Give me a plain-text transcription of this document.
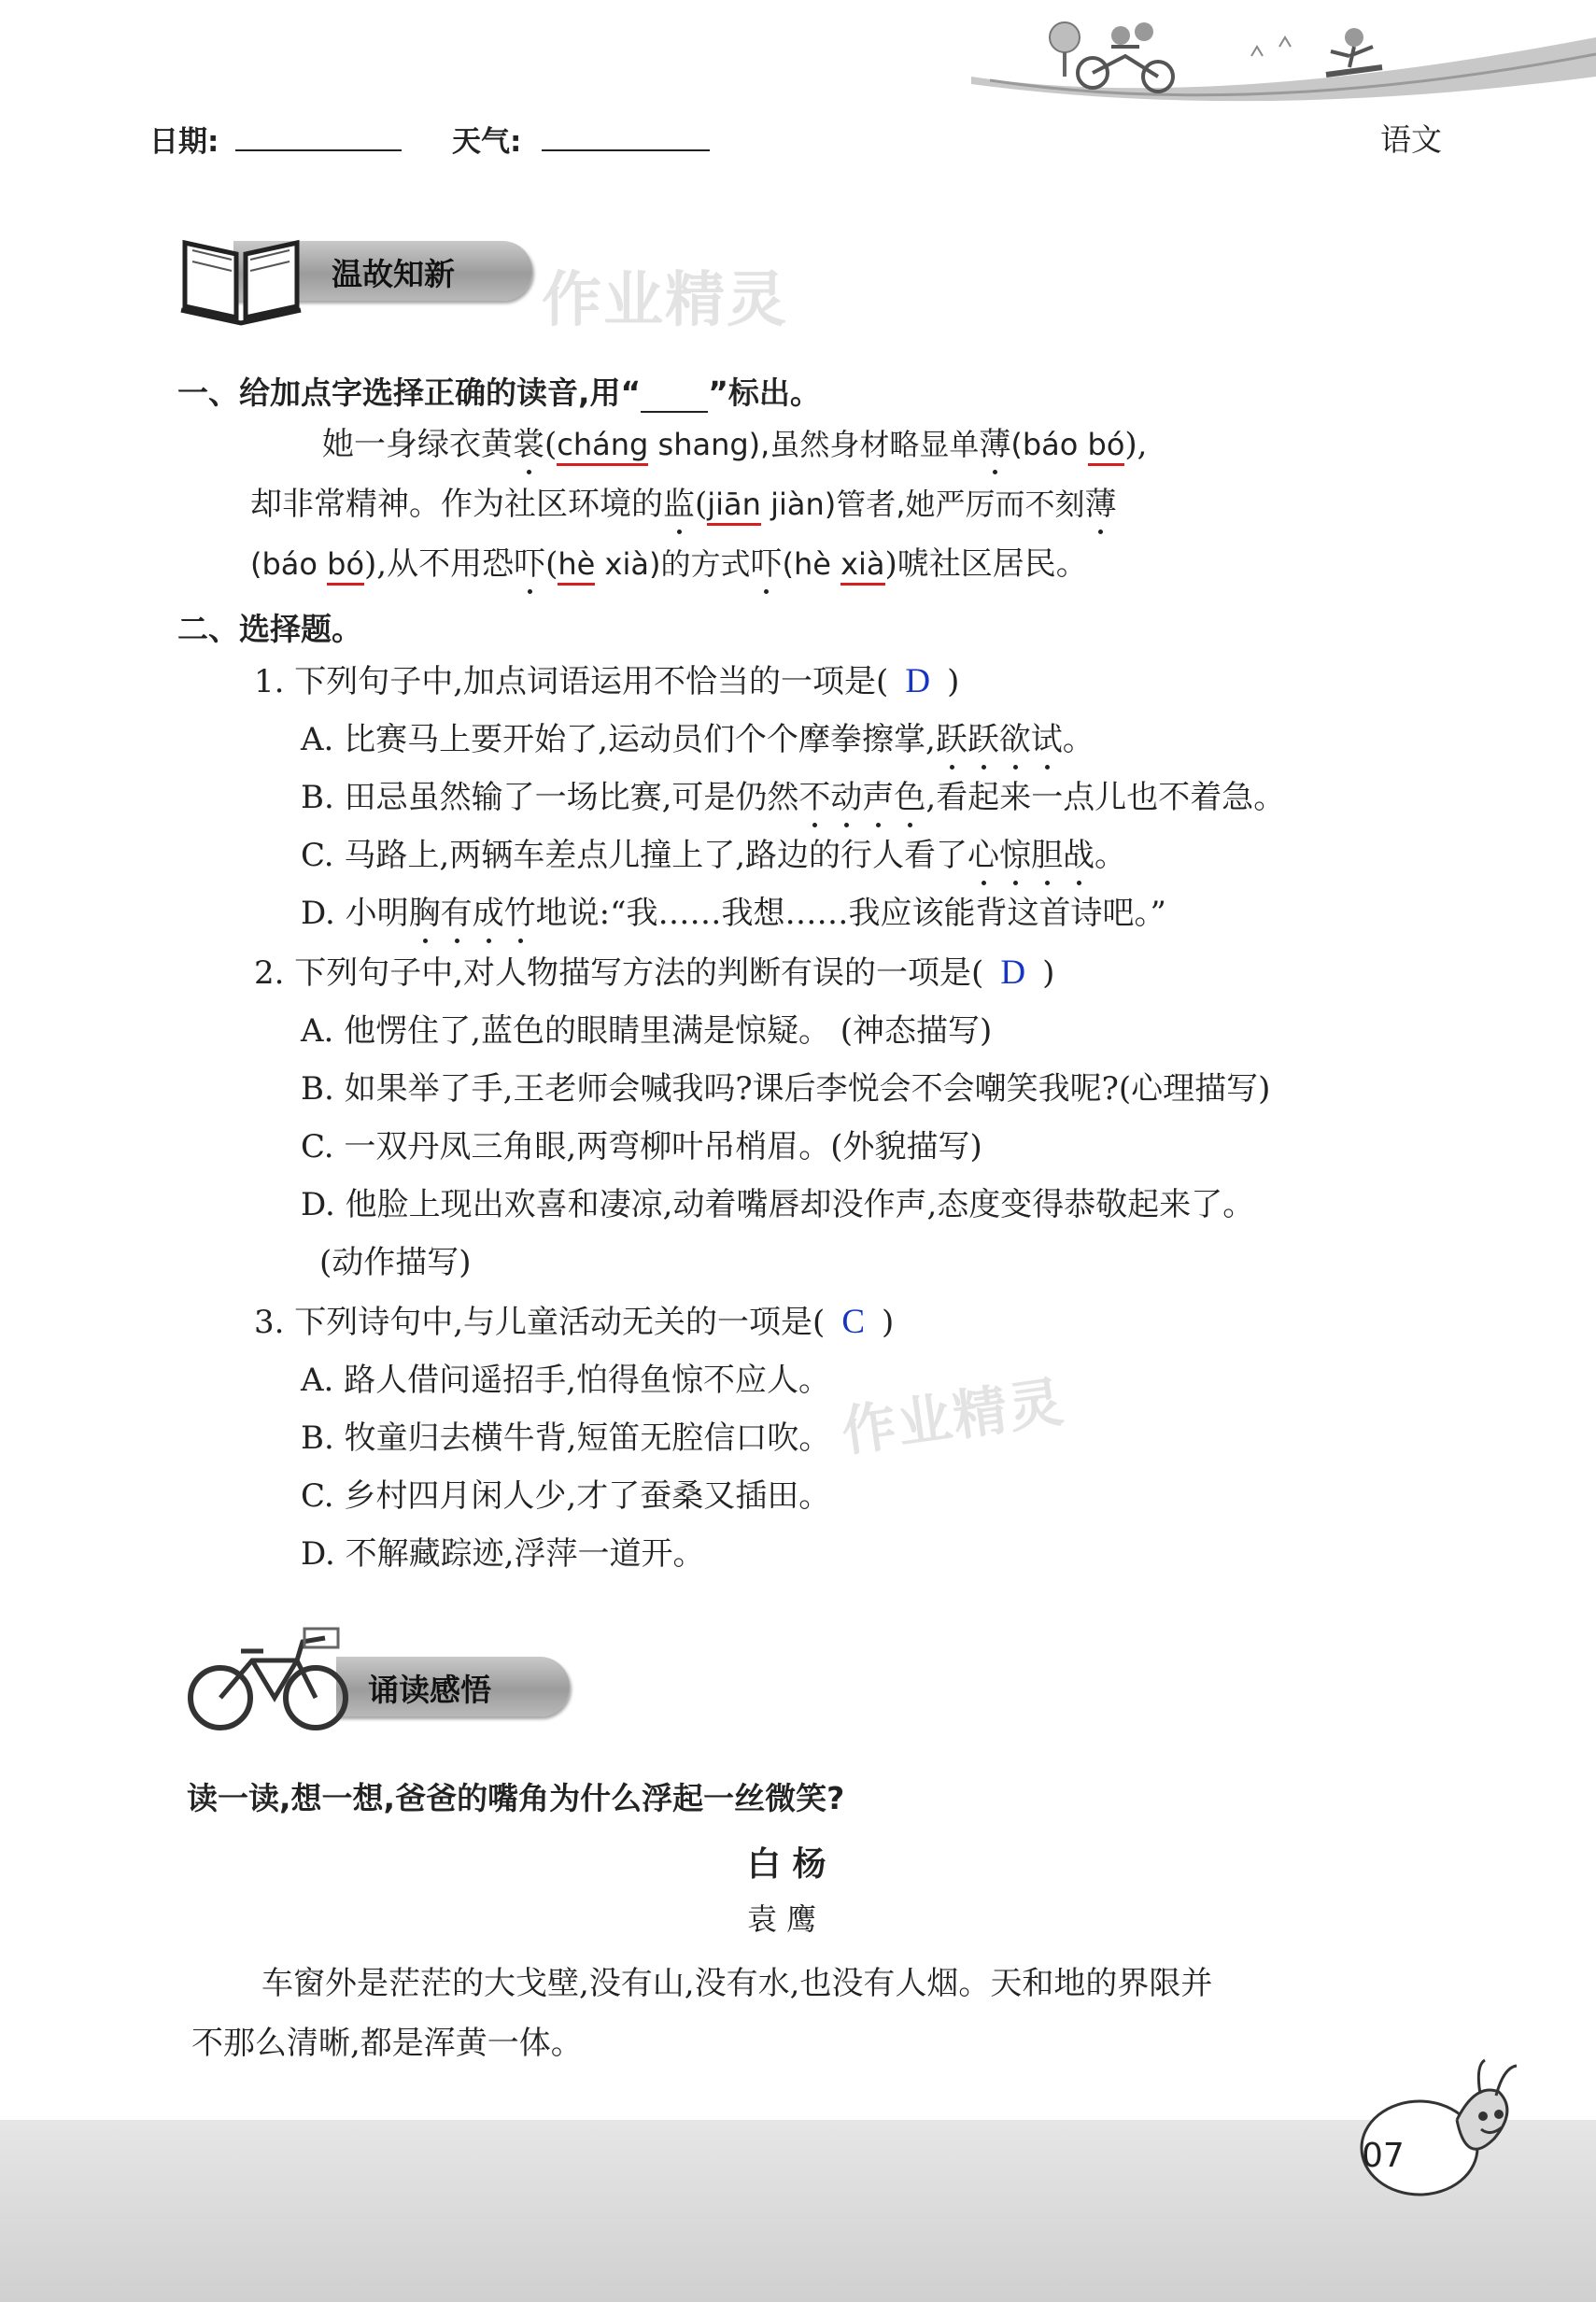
日期:	天气:	语文
温故知新 作业精灵
一、给加点字选择正确的读音,用“ ”标出。
她一身绿衣黄裳(cháng shang),虽然身材略显单薄(báo bó),
却非常精神。作为社区环境的监(jiān jiàn)管者,她严厉而不刻薄
(báo bó),从不用恐吓(hè xià)的方式吓(hè xià)唬社区居民。
二、选择题。
1. 下列句子中,加点词语运用不恰当的一项是( D )
A. 比赛马上要开始了,运动员们个个摩拳擦掌,跃跃欲试。
B. 田忌虽然输了一场比赛,可是仍然不动声色,看起来一点儿也不着急。
C. 马路上,两辆车差点儿撞上了,路边的行人看了心惊胆战。
D. 小明胸有成竹地说:“我……我想……我应该能背这首诗吧。”
2. 下列句子中,对人物描写方法的判断有误的一项是( D )
A. 他愣住了,蓝色的眼睛里满是惊疑。 (神态描写)
B. 如果举了手,王老师会喊我吗?课后李悦会不会嘲笑我呢?(心理描写)
C. 一双丹凤三角眼,两弯柳叶吊梢眉。(外貌描写)
D. 他脸上现出欢喜和凄凉,动着嘴唇却没作声,态度变得恭敬起来了。
(动作描写)
3. 下列诗句中,与儿童活动无关的一项是( C )
A. 路人借问遥招手,怕得鱼惊不应人。
B. 牧童归去横牛背,短笛无腔信口吹。
C. 乡村四月闲人少,才了蚕桑又插田。
D. 不解藏踪迹,浮萍一道开。
作业精灵
诵读感悟
读一读,想一想,爸爸的嘴角为什么浮起一丝微笑?
白 杨
袁 鹰
车窗外是茫茫的大戈壁,没有山,没有水,也没有人烟。天和地的界限并
不那么清晰,都是浑黄一体。
07
